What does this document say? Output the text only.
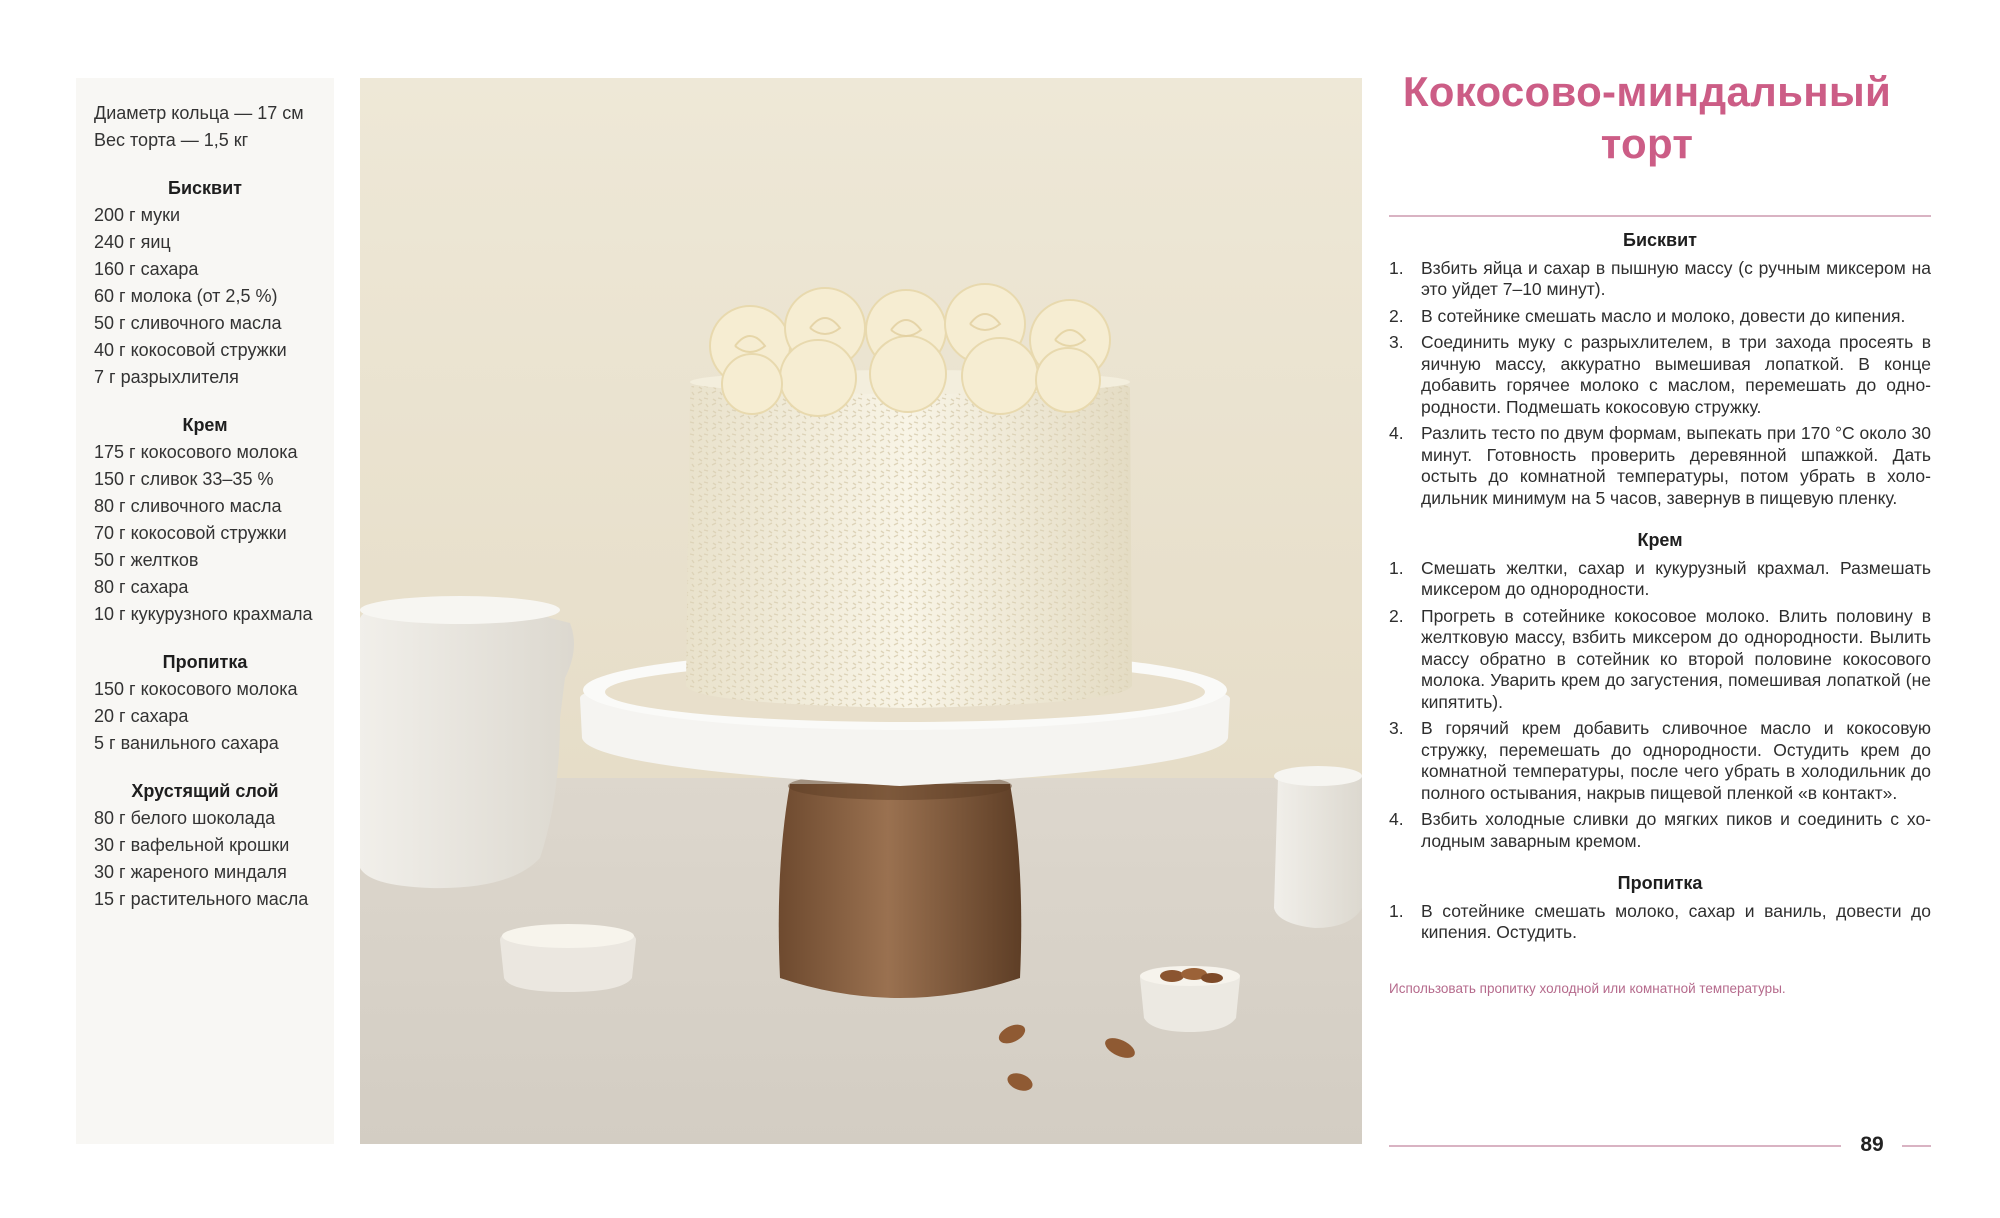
Диаметр кольца — 17 см
Вес торта — 1,5 кг
Бисквит
200 г муки
240 г яиц
160 г сахара
60 г молока (от 2,5 %)
50 г сливочного масла
40 г кокосовой стружки
7 г разрыхлителя
Крем
175 г кокосового молока
150 г сливок 33–35 %
80 г сливочного масла
70 г кокосовой стружки
50 г желтков
80 г сахара
10 г кукурузного крахмала
Пропитка
150 г кокосового молока
20 г сахара
5 г ванильного сахара
Хрустящий слой
80 г белого шоколада
30 г вафельной крошки
30 г жареного миндаля
15 г растительного масла
Кокосово-миндальный
торт
Бисквит
1. Взбить яйца и сахар в пышную массу (с ручным миксером на это уйдет 7–10 минут).
2. В сотейнике смешать масло и молоко, довести до кипения.
3. Соединить муку с разрыхлителем, в три захода просеять в яичную массу, аккуратно вымешивая лопаткой. В конце добавить горячее молоко с маслом, перемешать до однородности. Подмешать кокосовую стружку.
4. Разлить тесто по двум формам, выпекать при 170 °С около 30 минут. Готовность проверить деревянной шпажкой. Дать остыть до комнатной температуры, потом убрать в холодильник минимум на 5 часов, завернув в пищевую пленку.
Крем
1. Смешать желтки, сахар и кукурузный крахмал. Размешать миксером до однородности.
2. Прогреть в сотейнике кокосовое молоко. Влить половину в желтковую массу, взбить миксером до однородности. Вылить массу обратно в сотейник ко второй половине кокосового молока. Уварить крем до загустения, помешивая лопаткой (не кипятить).
3. В горячий крем добавить сливочное масло и кокосовую стружку, перемешать до однородности. Остудить крем до комнатной температуры, после чего убрать в холодильник до полного остывания, накрыв пищевой пленкой «в контакт».
4. Взбить холодные сливки до мягких пиков и соединить с холодным заварным кремом.
Пропитка
1. В сотейнике смешать молоко, сахар и ваниль, довести до кипения. Остудить.
Использовать пропитку холодной или комнатной температуры.
89
